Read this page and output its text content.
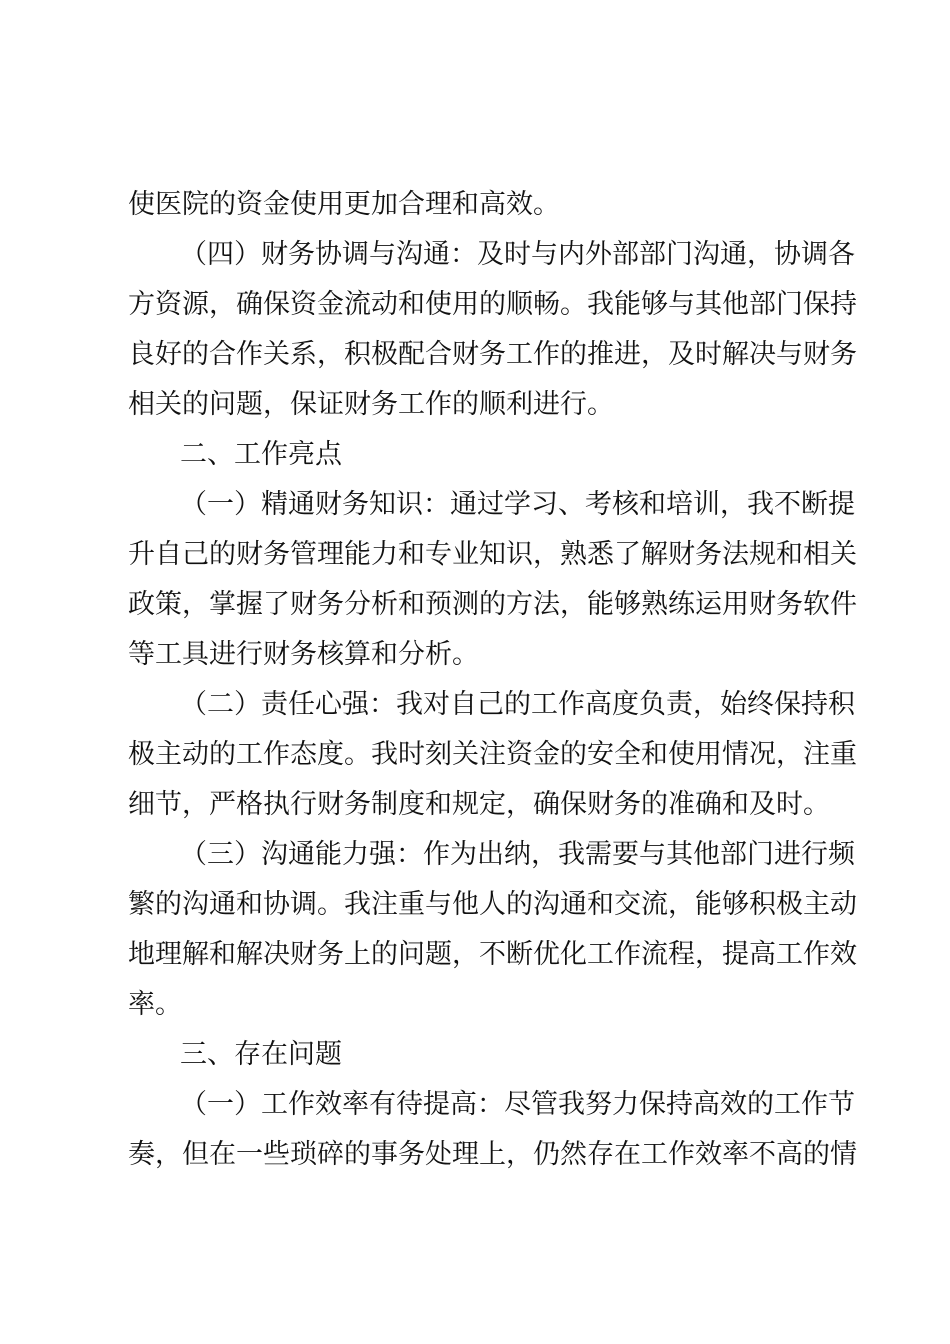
使医院的资金使用更加合理和高效。
（四）财务协调与沟通：及时与内外部部门沟通，协调各
方资源，确保资金流动和使用的顺畅。我能够与其他部门保持
良好的合作关系，积极配合财务工作的推进，及时解决与财务
相关的问题，保证财务工作的顺利进行。
二、工作亮点
（一）精通财务知识：通过学习、考核和培训，我不断提
升自己的财务管理能力和专业知识，熟悉了解财务法规和相关
政策，掌握了财务分析和预测的方法，能够熟练运用财务软件
等工具进行财务核算和分析。
（二）责任心强：我对自己的工作高度负责，始终保持积
极主动的工作态度。我时刻关注资金的安全和使用情况，注重
细节，严格执行财务制度和规定，确保财务的准确和及时。
（三）沟通能力强：作为出纳，我需要与其他部门进行频
繁的沟通和协调。我注重与他人的沟通和交流，能够积极主动
地理解和解决财务上的问题，不断优化工作流程，提高工作效
率。
三、存在问题
（一）工作效率有待提高：尽管我努力保持高效的工作节
奏，但在一些琐碎的事务处理上，仍然存在工作效率不高的情
